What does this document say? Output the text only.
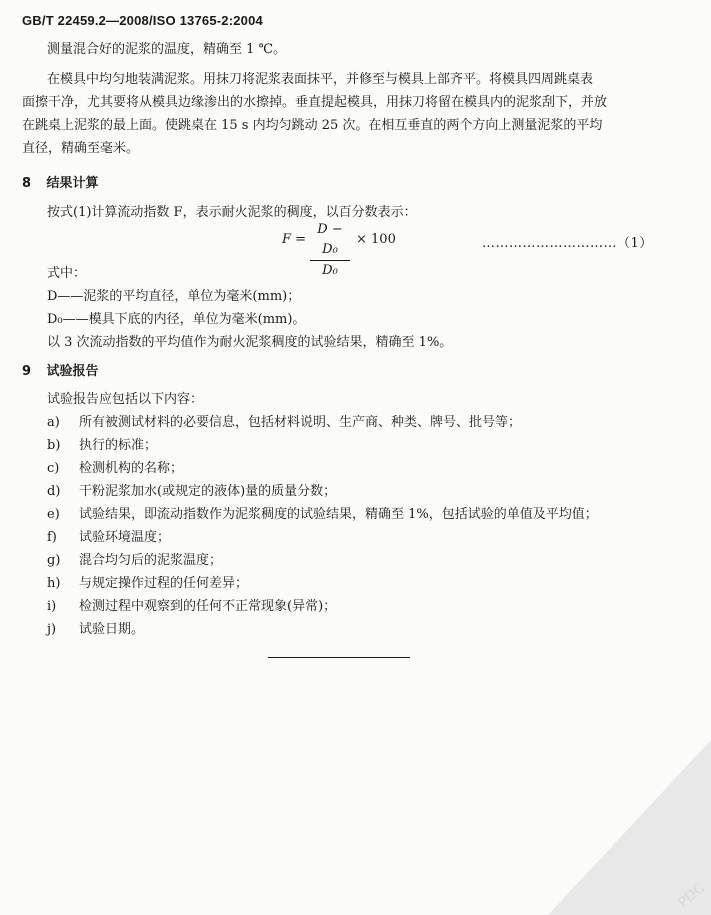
GB/T 22459.2—2008/ISO 13765-2:2004
测量混合好的泥浆的温度，精确至 1 ℃。
在模具中均匀地装满泥浆。用抹刀将泥浆表面抹平，并修至与模具上部齐平。将模具四周跳桌表
面擦干净，尤其要将从模具边缘渗出的水擦掉。垂直提起模具，用抹刀将留在模具内的泥浆刮下，并放
在跳桌上泥浆的最上面。使跳桌在 15 s 内均匀跳动 25 次。在相互垂直的两个方向上测量泥浆的平均
直径，精确至毫米。
8 结果计算
按式(1)计算流动指数 F，表示耐火泥浆的稠度，以百分数表示：
F =
D − D₀
D₀
× 100	…………………………（1）
式中：
D——泥浆的平均直径，单位为毫米(mm)；
D₀——模具下底的内径，单位为毫米(mm)。
以 3 次流动指数的平均值作为耐火泥浆稠度的试验结果，精确至 1%。
9 试验报告
试验报告应包括以下内容：
a) 所有被测试材料的必要信息，包括材料说明、生产商、种类、牌号、批号等；
b) 执行的标准；
c) 检测机构的名称；
d) 干粉泥浆加水(或规定的液体)量的质量分数；
e) 试验结果，即流动指数作为泥浆稠度的试验结果，精确至 1%，包括试验的单值及平均值；
f) 试验环境温度；
g) 混合均匀后的泥浆温度；
h) 与规定操作过程的任何差异；
i) 检测过程中观察到的任何不正常现象(异常)；
j) 试验日期。
PDC
